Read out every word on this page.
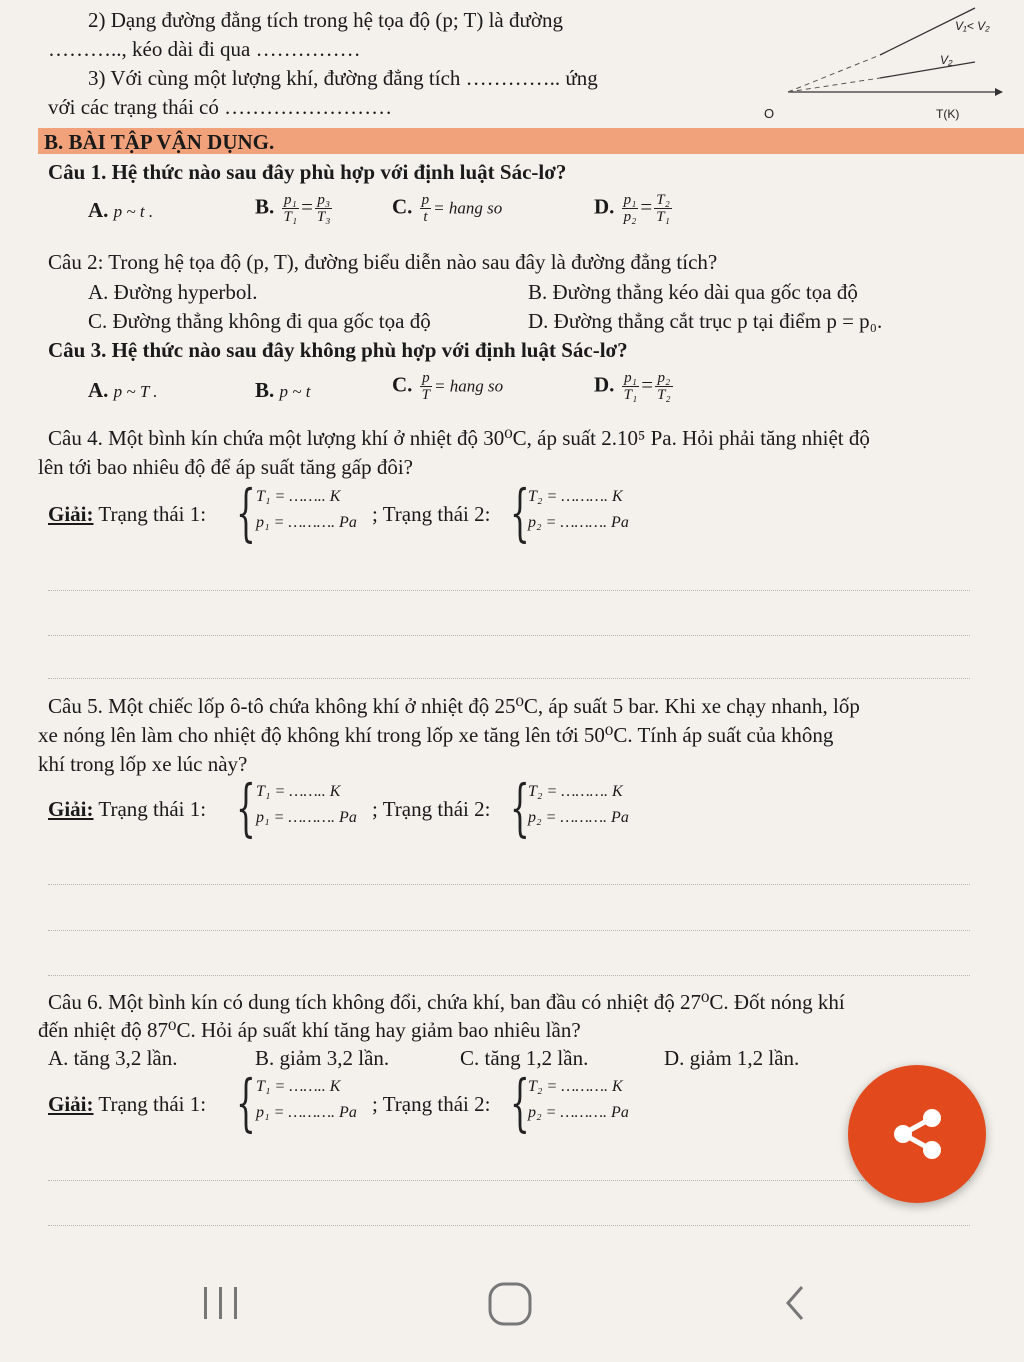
2) Dạng đường đẳng tích trong hệ tọa độ (p; T) là đường
……….., kéo dài đi qua ……………
3) Với cùng một lượng khí, đường đẳng tích ………….. ứng
với các trạng thái có ……………………
V₁< V₂
V₂
O	T(K)
B. BÀI TẬP VẬN DỤNG.
Câu 1. Hệ thức nào sau đây phù hợp với định luật Sác-lơ?
A. p ~ t .	B. $\frac{\text{p₁}}{\text{T₁}} = \frac{\text{p₃}}{\text{T₃}}$	C. $\frac{p}{t}$ = hang so	D. $\frac{\text{p₁}}{\text{p₂}} = \frac{\text{T₂}}{\text{T₁}}$
Câu 2: Trong hệ tọa độ (p, T), đường biểu diễn nào sau đây là đường đẳng tích?
A. Đường hyperbol.	B. Đường thẳng kéo dài qua gốc tọa độ
C. Đường thẳng không đi qua gốc tọa độ	D. Đường thẳng cắt trục p tại điểm p = p₀.
Câu 3. Hệ thức nào sau đây không phù hợp với định luật Sác-lơ?
A. p ~ T .	B. p ~ t	C. $\frac{p}{T}$ = hang so	D. $\frac{\text{p₁}}{\text{T₁}} = \frac{\text{p₂}}{\text{T₂}}$
Câu 4. Một bình kín chứa một lượng khí ở nhiệt độ 30⁰C, áp suất 2.10⁵ Pa. Hỏi phải tăng nhiệt độ
lên tới bao nhiêu độ để áp suất tăng gấp đôi?
Giải: Trạng thái 1: { T₁ = …….. K
p₁ = ………. Pa ; Trạng thái 2: {
T₂ = ………. K
p₂ = ………. Pa
Câu 5. Một chiếc lốp ô-tô chứa không khí ở nhiệt độ 25⁰C, áp suất 5 bar. Khi xe chạy nhanh, lốp
xe nóng lên làm cho nhiệt độ không khí trong lốp xe tăng lên tới 50⁰C. Tính áp suất của không
khí trong lốp xe lúc này?
Giải: Trạng thái 1: { T₁ = …….. K
p₁ = ………. Pa ; Trạng thái 2: {
T₂ = ………. K
p₂ = ………. Pa
Câu 6. Một bình kín có dung tích không đổi, chứa khí, ban đầu có nhiệt độ 27⁰C. Đốt nóng khí
đến nhiệt độ 87⁰C. Hỏi áp suất khí tăng hay giảm bao nhiêu lần?
A. tăng 3,2 lần.	B. giảm 3,2 lần.	C. tăng 1,2 lần.	D. giảm 1,2 lần.
Giải: Trạng thái 1: { T₁ = …….. K
p₁ = ………. Pa ; Trạng thái 2: {
T₂ = ………. K
p₂ = ………. Pa
